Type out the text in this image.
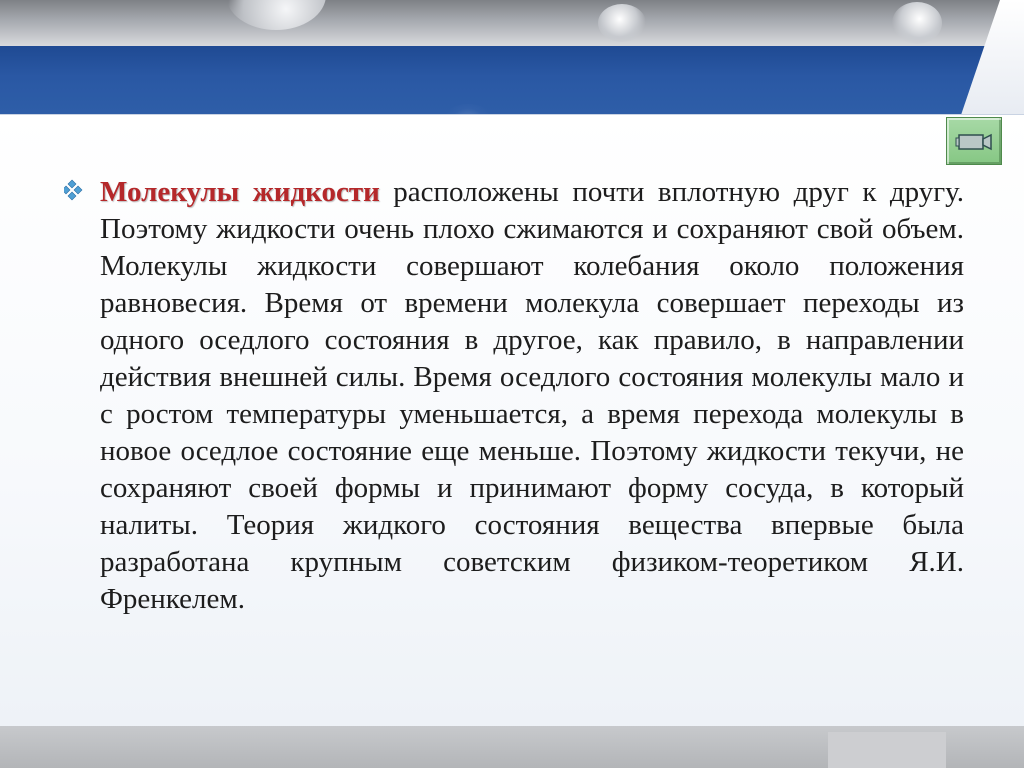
Молекулы жидкости расположены почти вплотную друг к другу. Поэтому жидкости очень плохо сжимаются и сохраняют свой объем. Молекулы жидкости совершают колебания около положения равновесия. Время от времени молекула совершает переходы из одного оседлого состояния в другое, как правило, в направлении действия внешней силы. Время оседлого состояния молекулы мало и с ростом температуры уменьшается, а время перехода молекулы в новое оседлое состояние еще меньше. Поэтому жидкости текучи, не сохраняют своей формы и принимают форму сосуда, в который налиты. Теория жидкого состояния вещества впервые была разработана крупным советским физиком-теоретиком Я.И. Френкелем.
